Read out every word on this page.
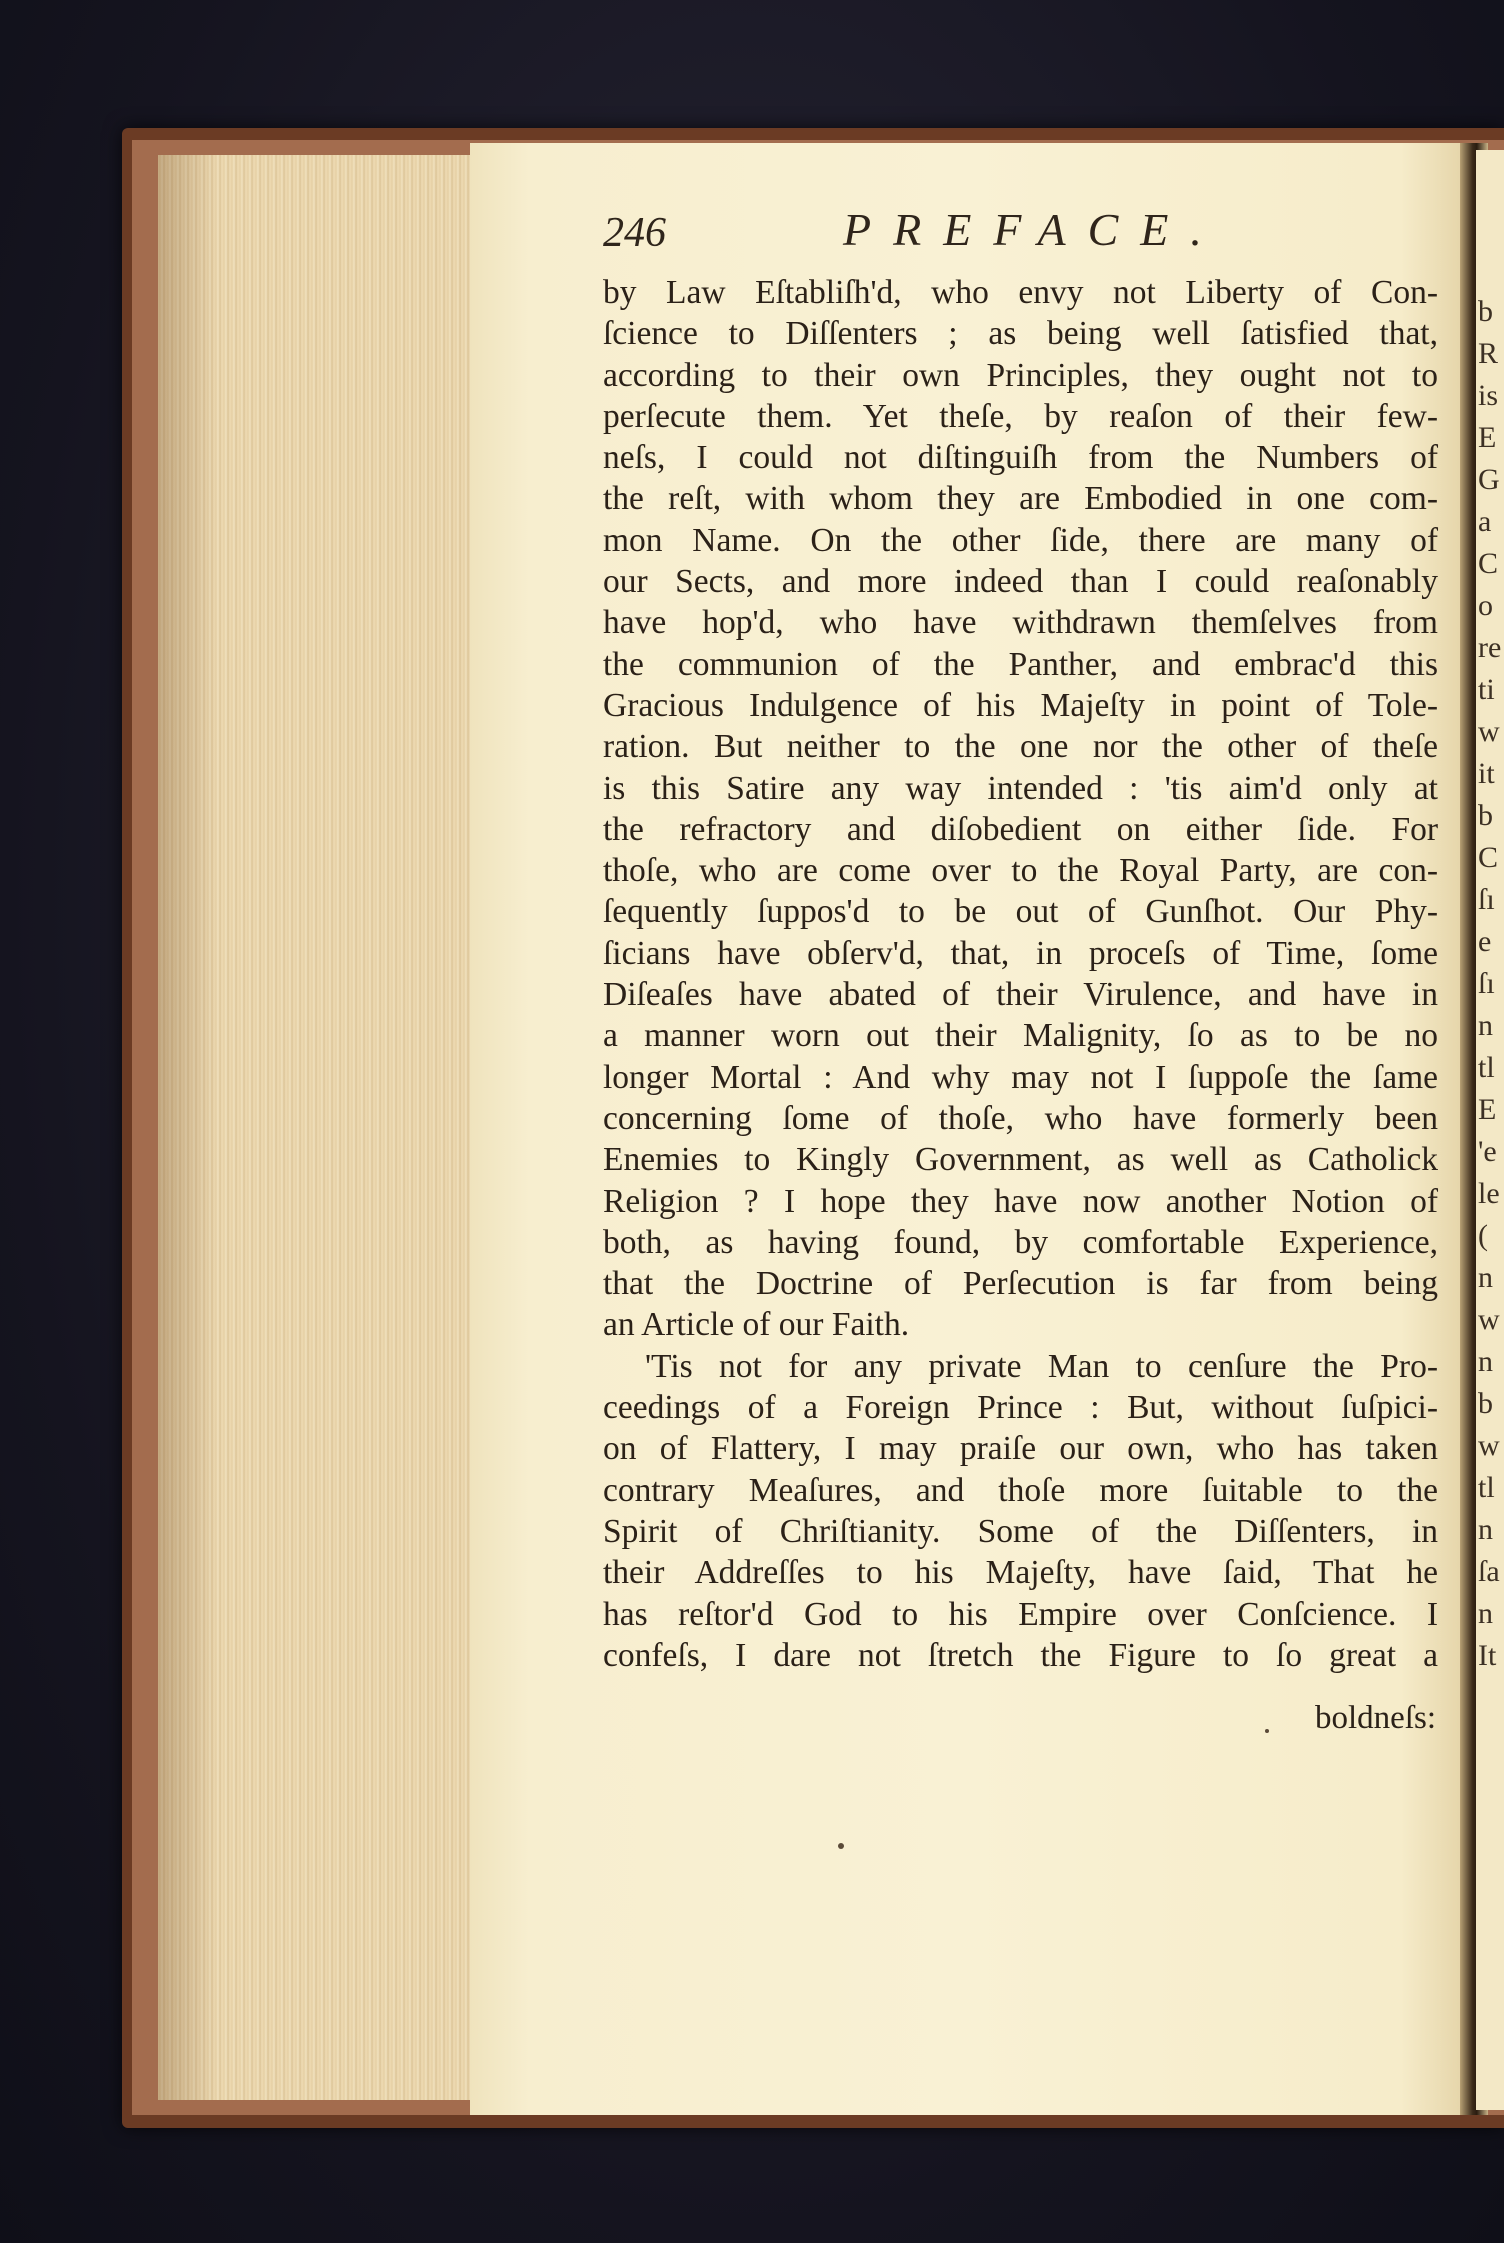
b
R
is
E
G
a
C
o
re
ti
w
it
b
C
ſı
e
ſı
n
tl
E
'e
le
(
n
w
n
b
w
tl
n
ſa
n
It
246	PREFACE.
by Law Eſtabliſh'd, who envy not Liberty of Con-
ſcience to Diſſenters ; as being well ſatisfied that,
according to their own Principles, they ought not to
perſecute them. Yet theſe, by reaſon of their few-
neſs, I could not diſtinguiſh from the Numbers of
the reſt, with whom they are Embodied in one com-
mon Name. On the other ſide, there are many of
our Sects, and more indeed than I could reaſonably
have hop'd, who have withdrawn themſelves from
the communion of the Panther, and embrac'd this
Gracious Indulgence of his Majeſty in point of Tole-
ration. But neither to the one nor the other of theſe
is this Satire any way intended : 'tis aim'd only at
the refractory and diſobedient on either ſide. For
thoſe, who are come over to the Royal Party, are con-
ſequently ſuppos'd to be out of Gunſhot. Our Phy-
ſicians have obſerv'd, that, in proceſs of Time, ſome
Diſeaſes have abated of their Virulence, and have in
a manner worn out their Malignity, ſo as to be no
longer Mortal : And why may not I ſuppoſe the ſame
concerning ſome of thoſe, who have formerly been
Enemies to Kingly Government, as well as Catholick
Religion ? I hope they have now another Notion of
both, as having found, by comfortable Experience,
that the Doctrine of Perſecution is far from being
an Article of our Faith.
'Tis not for any private Man to cenſure the Pro-
ceedings of a Foreign Prince : But, without ſuſpici-
on of Flattery, I may praiſe our own, who has taken
contrary Meaſures, and thoſe more ſuitable to the
Spirit of Chriſtianity. Some of the Diſſenters, in
their Addreſſes to his Majeſty, have ſaid, That he
has reſtor'd God to his Empire over Conſcience. I
confeſs, I dare not ſtretch the Figure to ſo great a
boldneſs:
